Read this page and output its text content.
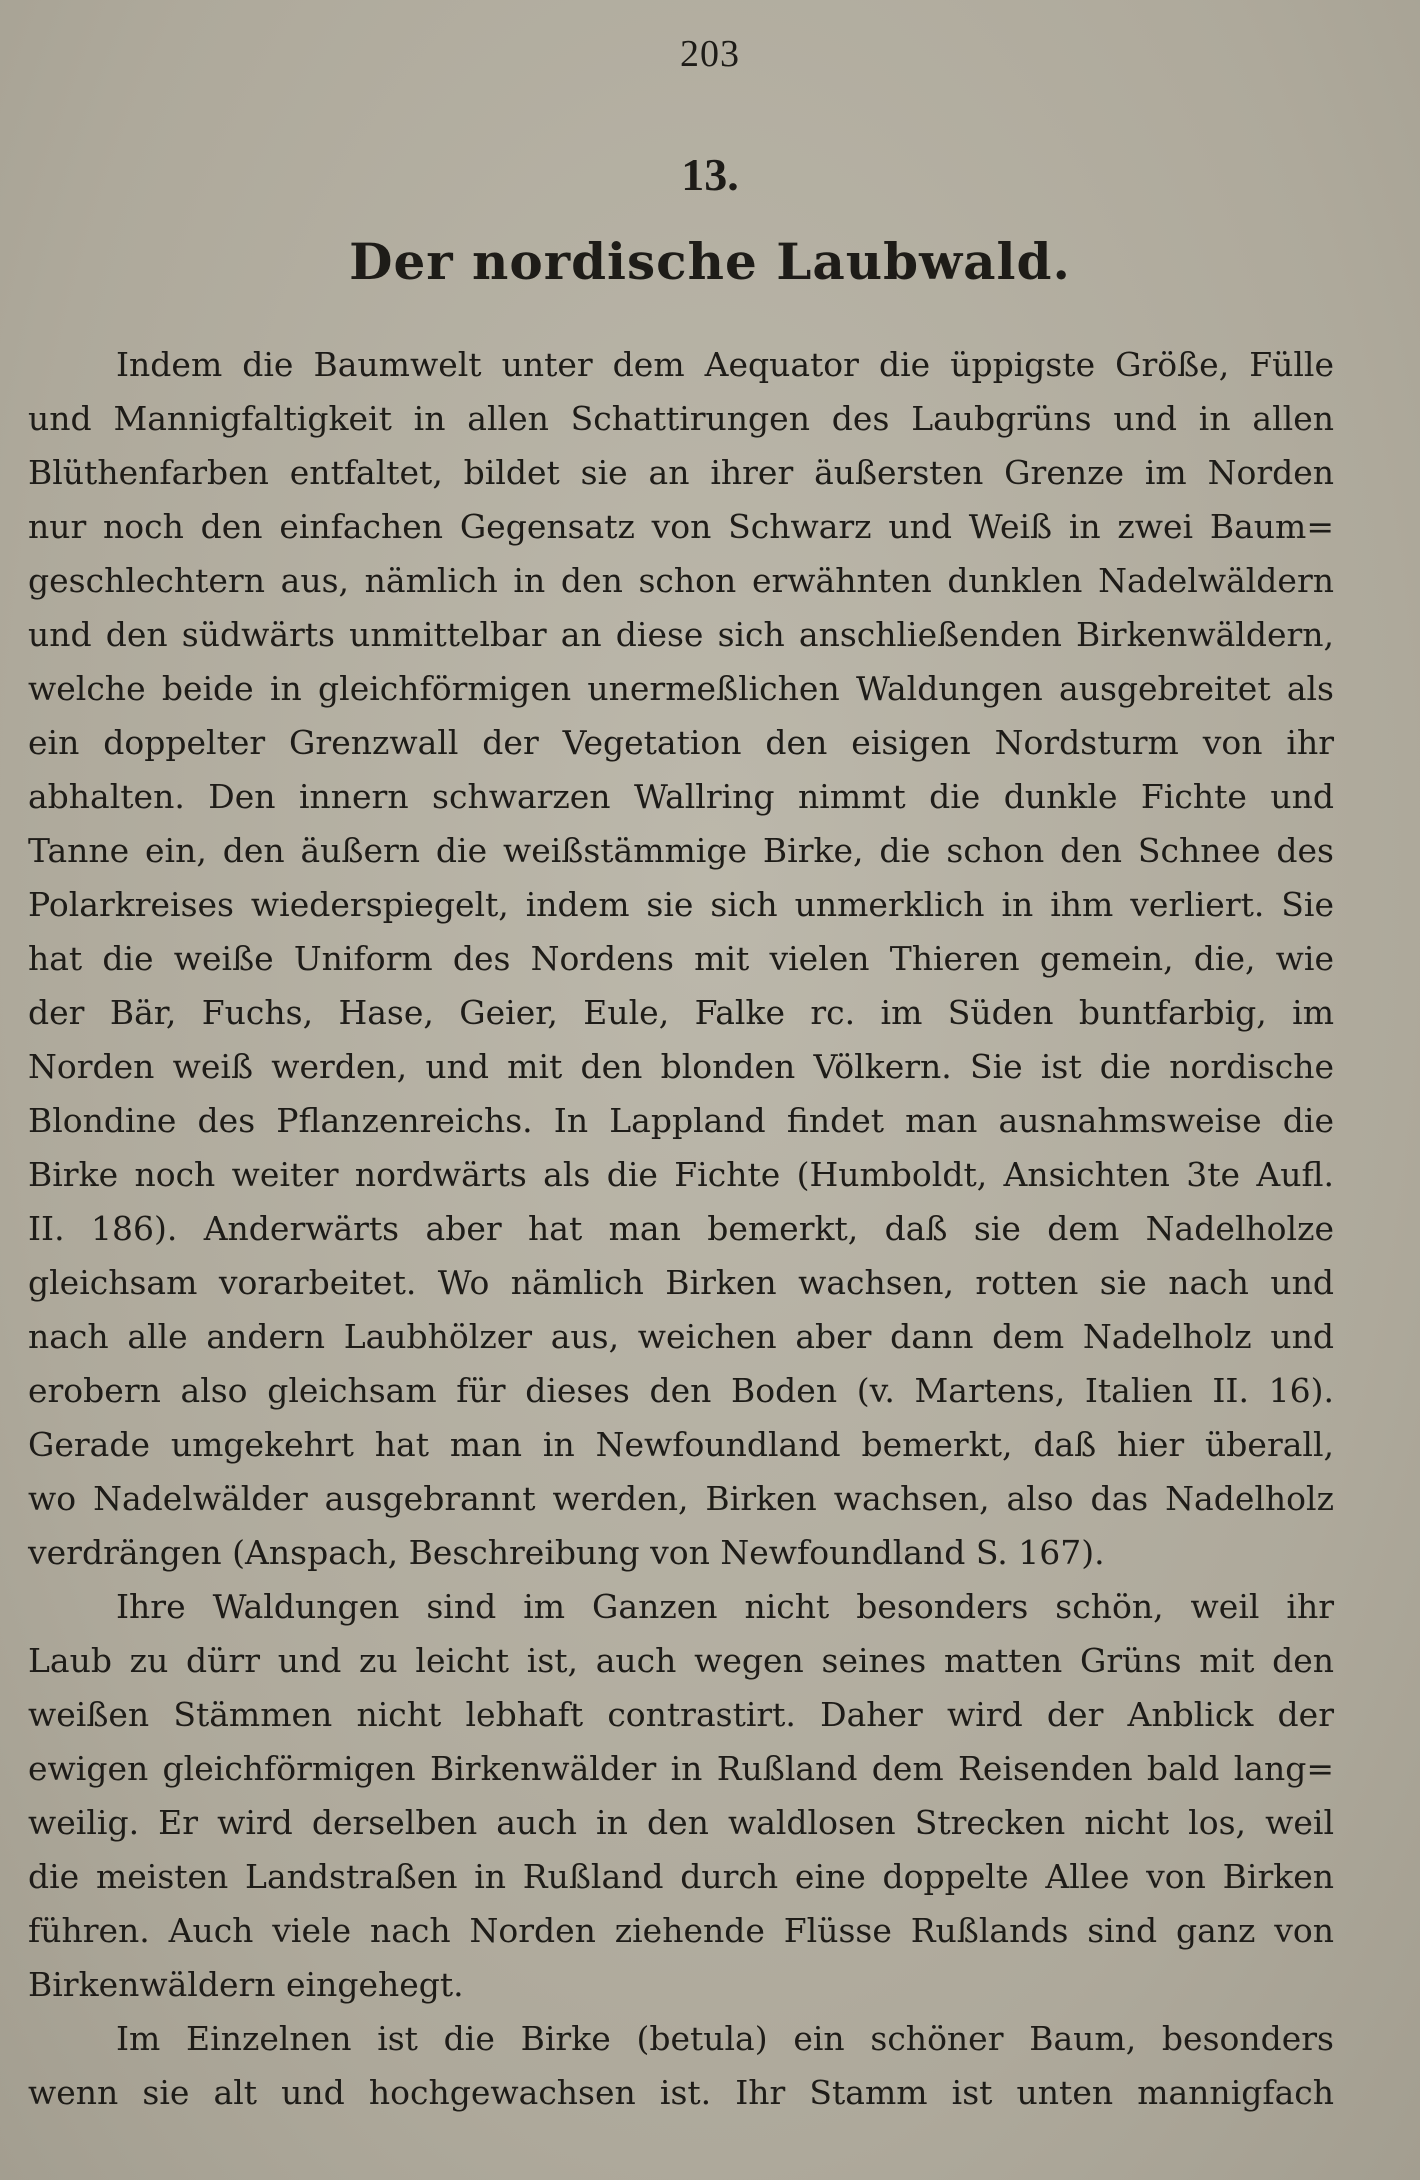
203
13.
Der nordische Laubwald.
Indem die Baumwelt unter dem Aequator die üppigste Größe, Fülle
und Mannigfaltigkeit in allen Schattirungen des Laubgrüns und in allen
Blüthenfarben entfaltet, bildet sie an ihrer äußersten Grenze im Norden
nur noch den einfachen Gegensatz von Schwarz und Weiß in zwei Baum=
geschlechtern aus, nämlich in den schon erwähnten dunklen Nadelwäldern
und den südwärts unmittelbar an diese sich anschließenden Birkenwäldern,
welche beide in gleichförmigen unermeßlichen Waldungen ausgebreitet als
ein doppelter Grenzwall der Vegetation den eisigen Nordsturm von ihr
abhalten. Den innern schwarzen Wallring nimmt die dunkle Fichte und
Tanne ein, den äußern die weißstämmige Birke, die schon den Schnee des
Polarkreises wiederspiegelt, indem sie sich unmerklich in ihm verliert. Sie
hat die weiße Uniform des Nordens mit vielen Thieren gemein, die, wie
der Bär, Fuchs, Hase, Geier, Eule, Falke rc. im Süden buntfarbig, im
Norden weiß werden, und mit den blonden Völkern. Sie ist die nordische
Blondine des Pflanzenreichs. In Lappland findet man ausnahmsweise die
Birke noch weiter nordwärts als die Fichte (Humboldt, Ansichten 3te Aufl.
II. 186). Anderwärts aber hat man bemerkt, daß sie dem Nadelholze
gleichsam vorarbeitet. Wo nämlich Birken wachsen, rotten sie nach und
nach alle andern Laubhölzer aus, weichen aber dann dem Nadelholz und
erobern also gleichsam für dieses den Boden (v. Martens, Italien II. 16).
Gerade umgekehrt hat man in Newfoundland bemerkt, daß hier überall,
wo Nadelwälder ausgebrannt werden, Birken wachsen, also das Nadelholz
verdrängen (Anspach, Beschreibung von Newfoundland S. 167).
Ihre Waldungen sind im Ganzen nicht besonders schön, weil ihr
Laub zu dürr und zu leicht ist, auch wegen seines matten Grüns mit den
weißen Stämmen nicht lebhaft contrastirt. Daher wird der Anblick der
ewigen gleichförmigen Birkenwälder in Rußland dem Reisenden bald lang=
weilig. Er wird derselben auch in den waldlosen Strecken nicht los, weil
die meisten Landstraßen in Rußland durch eine doppelte Allee von Birken
führen. Auch viele nach Norden ziehende Flüsse Rußlands sind ganz von
Birkenwäldern eingehegt.
Im Einzelnen ist die Birke (betula) ein schöner Baum, besonders
wenn sie alt und hochgewachsen ist. Ihr Stamm ist unten mannigfach
